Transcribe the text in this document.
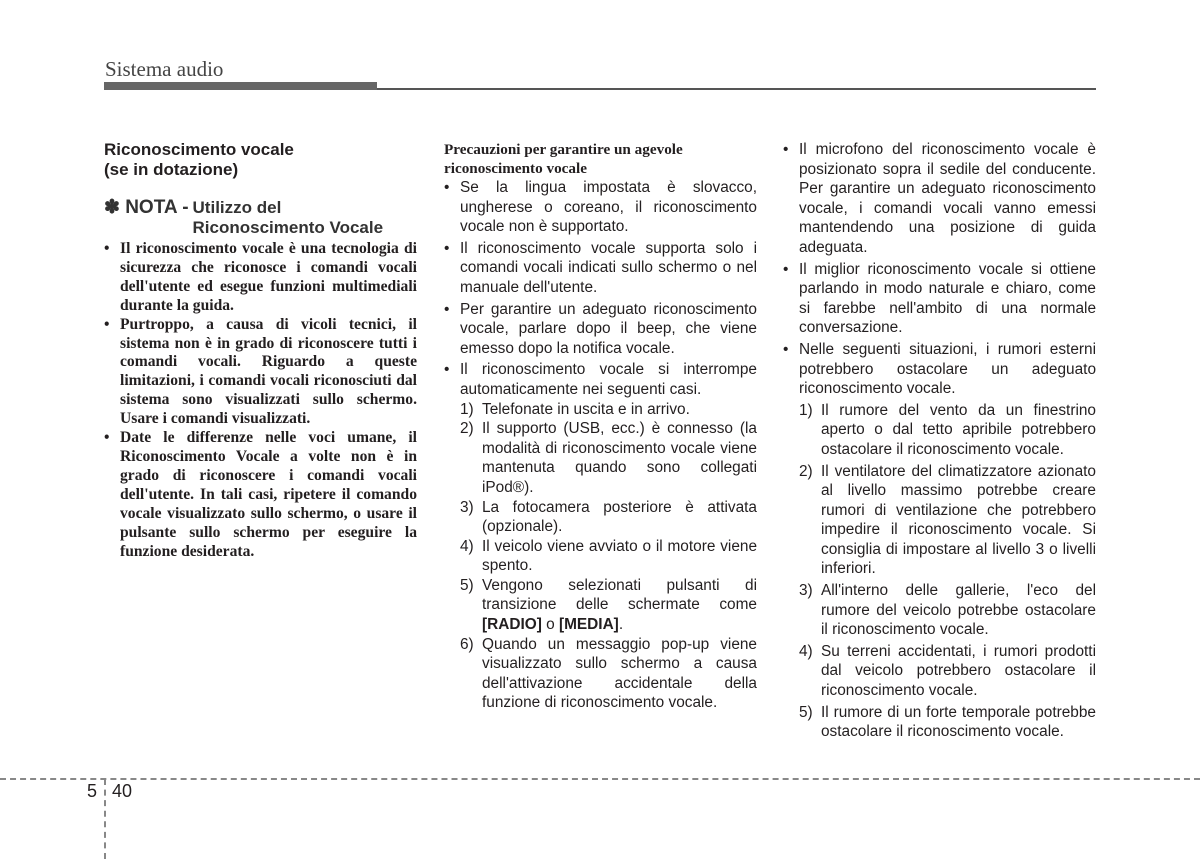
Sistema audio
Riconoscimento vocale
(se in dotazione)
✽ NOTA - Utilizzo del Riconoscimento Vocale
• Il riconoscimento vocale è una tecnologia di sicurezza che riconosce i comandi vocali dell'utente ed esegue funzioni multimediali durante la guida.
• Purtroppo, a causa di vicoli tecnici, il sistema non è in grado di riconoscere tutti i comandi vocali. Riguardo a queste limitazioni, i comandi vocali riconosciuti dal sistema sono visualizzati sullo schermo. Usare i comandi visualizzati.
• Date le differenze nelle voci umane, il Riconoscimento Vocale a volte non è in grado di riconoscere i comandi vocali dell'utente. In tali casi, ripetere il comando vocale visualizzato sullo schermo, o usare il pulsante sullo schermo per eseguire la funzione desiderata.
Precauzioni per garantire un agevole riconoscimento vocale
• Se la lingua impostata è slovacco, ungherese o coreano, il riconoscimento vocale non è supportato.
• Il riconoscimento vocale supporta solo i comandi vocali indicati sullo schermo o nel manuale dell'utente.
• Per garantire un adeguato riconoscimento vocale, parlare dopo il beep, che viene emesso dopo la notifica vocale.
• Il riconoscimento vocale si interrompe automaticamente nei seguenti casi.
1) Telefonate in uscita e in arrivo.
2) Il supporto (USB, ecc.) è connesso (la modalità di riconoscimento vocale viene mantenuta quando sono collegati iPod®).
3) La fotocamera posteriore è attivata (opzionale).
4) Il veicolo viene avviato o il motore viene spento.
5) Vengono selezionati pulsanti di transizione delle schermate come [RADIO] o [MEDIA].
6) Quando un messaggio pop-up viene visualizzato sullo schermo a causa dell'attivazione accidentale della funzione di riconoscimento vocale.
• Il microfono del riconoscimento vocale è posizionato sopra il sedile del conducente. Per garantire un adeguato riconoscimento vocale, i comandi vocali vanno emessi mantendendo una posizione di guida adeguata.
• Il miglior riconoscimento vocale si ottiene parlando in modo naturale e chiaro, come si farebbe nell'ambito di una normale conversazione.
• Nelle seguenti situazioni, i rumori esterni potrebbero ostacolare un adeguato riconoscimento vocale.
1) Il rumore del vento da un finestrino aperto o dal tetto apribile potrebbero ostacolare il riconoscimento vocale.
2) Il ventilatore del climatizzatore azionato al livello massimo potrebbe creare rumori di ventilazione che potrebbero impedire il riconoscimento vocale. Si consiglia di impostare al livello 3 o livelli inferiori.
3) All'interno delle gallerie, l'eco del rumore del veicolo potrebbe ostacolare il riconoscimento vocale.
4) Su terreni accidentati, i rumori prodotti dal veicolo potrebbero ostacolare il riconoscimento vocale.
5) Il rumore di un forte temporale potrebbe ostacolare il riconoscimento vocale.
5 40
